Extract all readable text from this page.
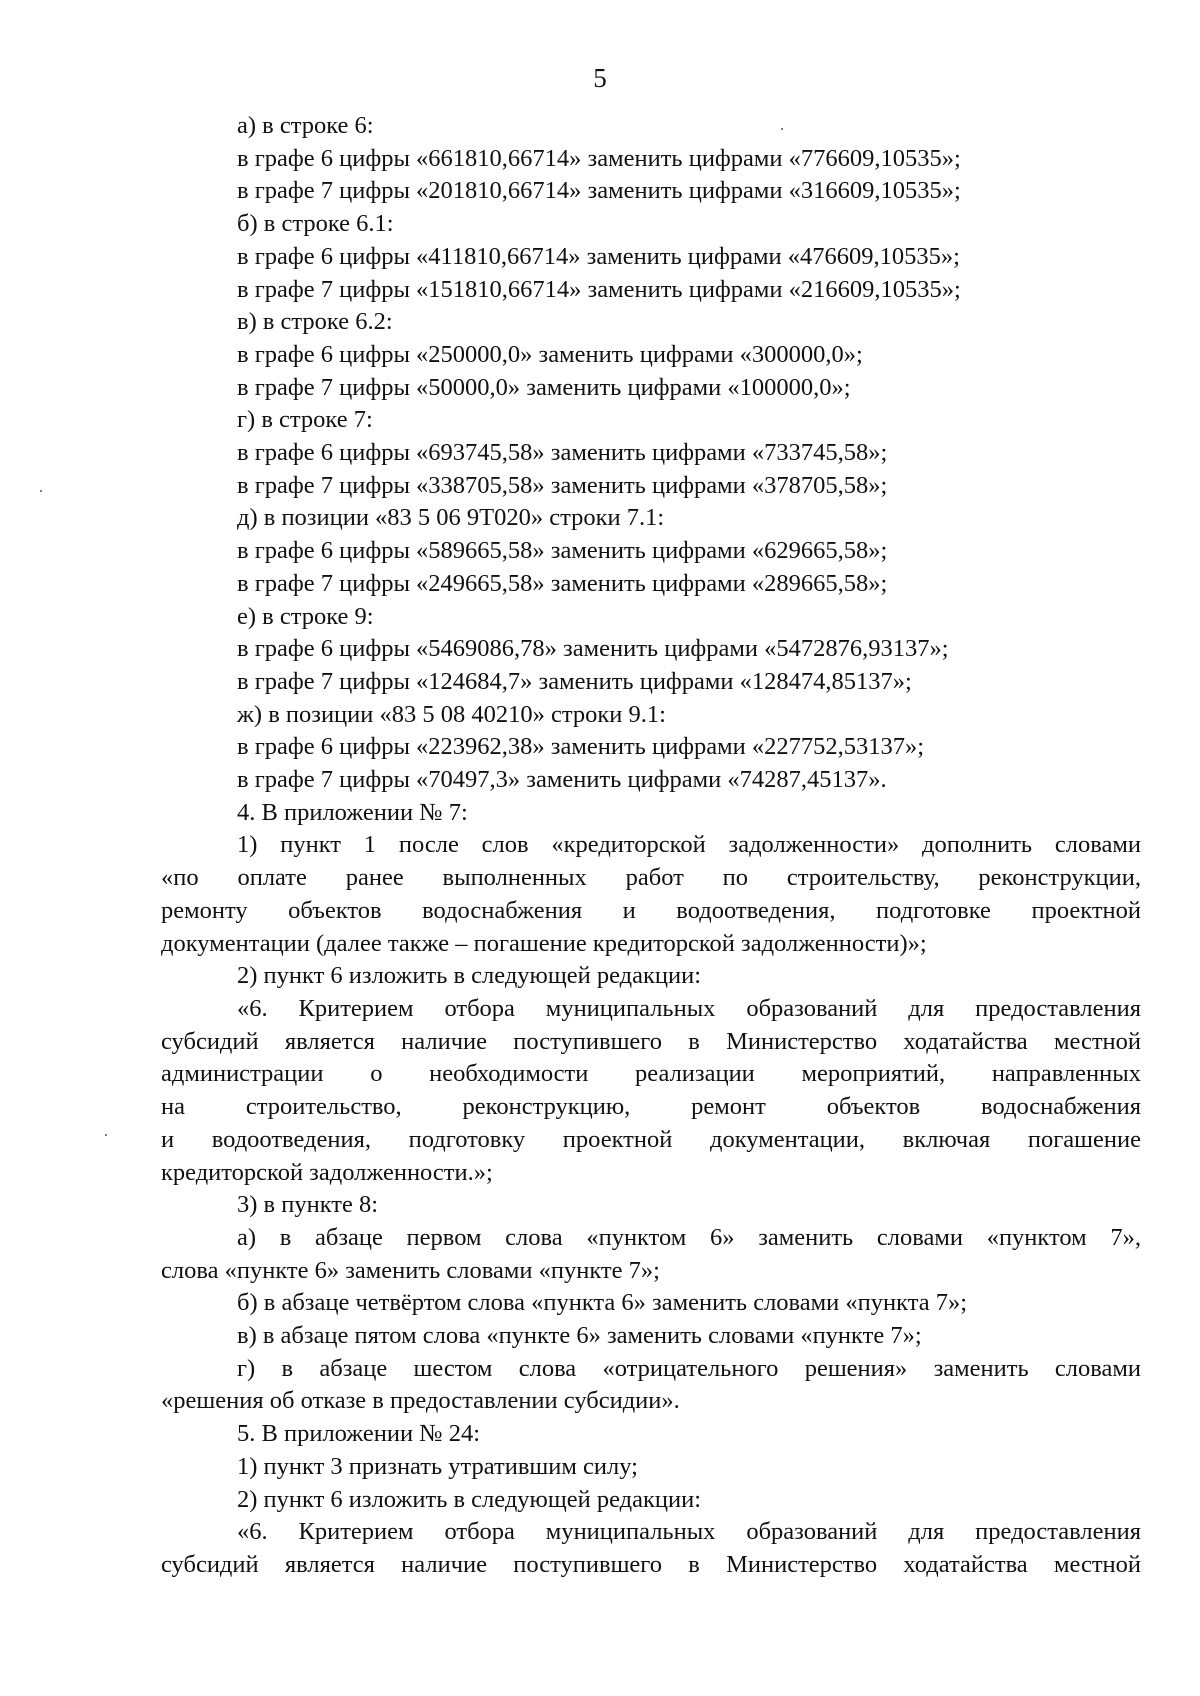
5
а) в строке 6:
в графе 6 цифры «661810,66714» заменить цифрами «776609,10535»;
в графе 7 цифры «201810,66714» заменить цифрами «316609,10535»;
б) в строке 6.1:
в графе 6 цифры «411810,66714» заменить цифрами «476609,10535»;
в графе 7 цифры «151810,66714» заменить цифрами «216609,10535»;
в) в строке 6.2:
в графе 6 цифры «250000,0» заменить цифрами «300000,0»;
в графе 7 цифры «50000,0» заменить цифрами «100000,0»;
г) в строке 7:
в графе 6 цифры «693745,58» заменить цифрами «733745,58»;
в графе 7 цифры «338705,58» заменить цифрами «378705,58»;
д) в позиции «83 5 06 9Т020» строки 7.1:
в графе 6 цифры «589665,58» заменить цифрами «629665,58»;
в графе 7 цифры «249665,58» заменить цифрами «289665,58»;
е) в строке 9:
в графе 6 цифры «5469086,78» заменить цифрами «5472876,93137»;
в графе 7 цифры «124684,7» заменить цифрами «128474,85137»;
ж) в позиции «83 5 08 40210» строки 9.1:
в графе 6 цифры «223962,38» заменить цифрами «227752,53137»;
в графе 7 цифры «70497,3» заменить цифрами «74287,45137».
4. В приложении № 7:
1) пункт 1 после слов «кредиторской задолженности» дополнить словами
«по оплате ранее выполненных работ по строительству, реконструкции,
ремонту объектов водоснабжения и водоотведения, подготовке проектной
документации (далее также – погашение кредиторской задолженности)»;
2) пункт 6 изложить в следующей редакции:
«6. Критерием отбора муниципальных образований для предоставления
субсидий является наличие поступившего в Министерство ходатайства местной
администрации о необходимости реализации мероприятий, направленных
на строительство, реконструкцию, ремонт объектов водоснабжения
и водоотведения, подготовку проектной документации, включая погашение
кредиторской задолженности.»;
3) в пункте 8:
а) в абзаце первом слова «пунктом 6» заменить словами «пунктом 7»,
слова «пункте 6» заменить словами «пункте 7»;
б) в абзаце четвёртом слова «пункта 6» заменить словами «пункта 7»;
в) в абзаце пятом слова «пункте 6» заменить словами «пункте 7»;
г) в абзаце шестом слова «отрицательного решения» заменить словами
«решения об отказе в предоставлении субсидии».
5. В приложении № 24:
1) пункт 3 признать утратившим силу;
2) пункт 6 изложить в следующей редакции:
«6. Критерием отбора муниципальных образований для предоставления
субсидий является наличие поступившего в Министерство ходатайства местной
